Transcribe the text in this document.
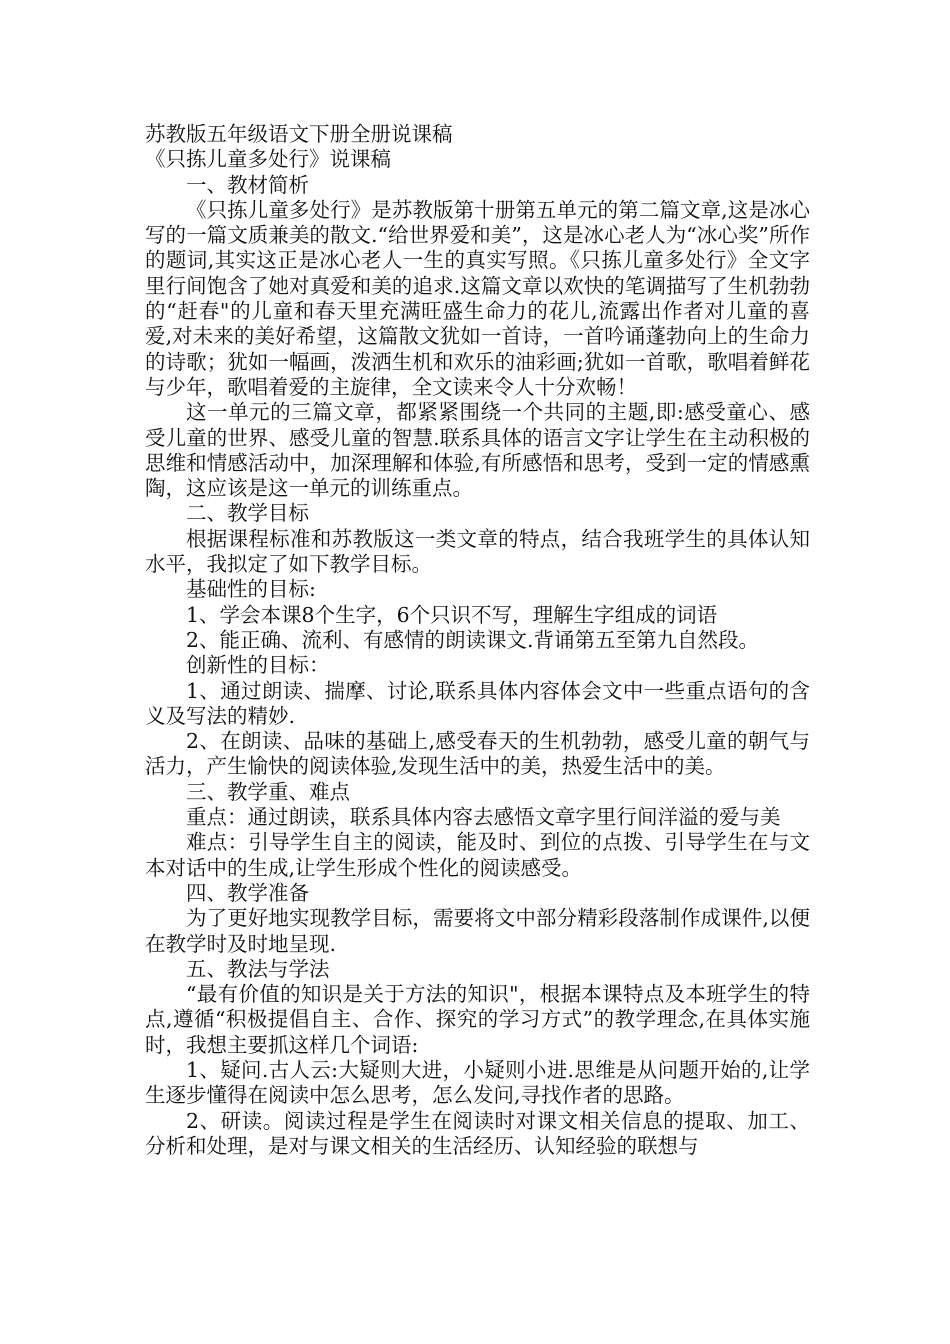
苏教版五年级语文下册全册说课稿

《只拣儿童多处行》说课稿

一、教材简析

《只拣儿童多处行》是苏教版第十册第五单元的第二篇文章,这是冰心写的一篇文质兼美的散文.“给世界爱和美”，这是冰心老人为“冰心奖”所作的题词,其实这正是冰心老人一生的真实写照。《只拣儿童多处行》全文字里行间饱含了她对真爱和美的追求.这篇文章以欢快的笔调描写了生机勃勃的“赶春"的儿童和春天里充满旺盛生命力的花儿,流露出作者对儿童的喜爱,对未来的美好希望，这篇散文犹如一首诗，一首吟诵蓬勃向上的生命力的诗歌；犹如一幅画，泼洒生机和欢乐的油彩画;犹如一首歌，歌唱着鲜花与少年，歌唱着爱的主旋律，全文读来令人十分欢畅！

这一单元的三篇文章，都紧紧围绕一个共同的主题,即:感受童心、感受儿童的世界、感受儿童的智慧.联系具体的语言文字让学生在主动积极的思维和情感活动中，加深理解和体验,有所感悟和思考，受到一定的情感熏陶，这应该是这一单元的训练重点。

二、教学目标

根据课程标准和苏教版这一类文章的特点，结合我班学生的具体认知水平，我拟定了如下教学目标。

基础性的目标:

1、学会本课8个生字，6个只识不写，理解生字组成的词语

2、能正确、流利、有感情的朗读课文.背诵第五至第九自然段。

创新性的目标：

1、通过朗读、揣摩、讨论,联系具体内容体会文中一些重点语句的含义及写法的精妙.

2、在朗读、品味的基础上,感受春天的生机勃勃，感受儿童的朝气与活力，产生愉快的阅读体验,发现生活中的美，热爱生活中的美。

三、教学重、难点

重点：通过朗读，联系具体内容去感悟文章字里行间洋溢的爱与美

难点：引导学生自主的阅读，能及时、到位的点拨、引导学生在与文本对话中的生成,让学生形成个性化的阅读感受。

四、教学准备

为了更好地实现教学目标，需要将文中部分精彩段落制作成课件,以便在教学时及时地呈现.

五、教法与学法

“最有价值的知识是关于方法的知识"，根据本课特点及本班学生的特点,遵循“积极提倡自主、合作、探究的学习方式”的教学理念,在具体实施时，我想主要抓这样几个词语:

1、疑问.古人云:大疑则大进，小疑则小进.思维是从问题开始的,让学生逐步懂得在阅读中怎么思考，怎么发问,寻找作者的思路。

2、研读。阅读过程是学生在阅读时对课文相关信息的提取、加工、分析和处理，是对与课文相关的生活经历、认知经验的联想与
